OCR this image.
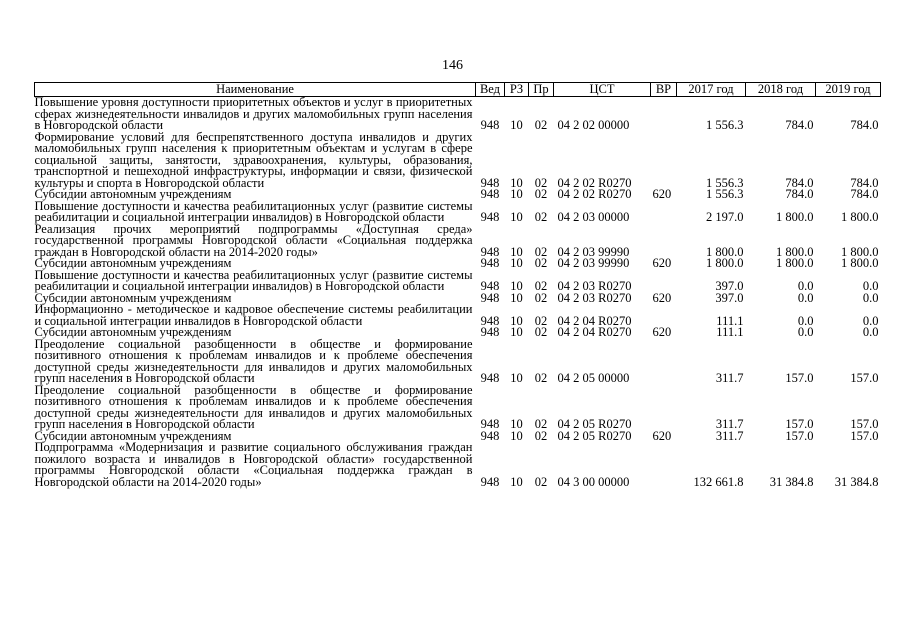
146
Наименование	Вед	РЗ	Пр	ЦСТ	ВР	2017 год	2018 год	2019 год
Повышение уровня доступности приоритетных объектов и услуг в приоритетных сферах жизнедеятельности инвалидов и других маломобильных групп населения в Новгородской области	948	10	02	04 2 02 00000		1 556.3	784.0	784.0
Формирование условий для беспрепятственного доступа инвалидов и других маломобильных групп населения к приоритетным объектам и услугам в сфере социальной защиты, занятости, здравоохранения, культуры, образования, транспортной и пешеходной инфраструктуры, информации и связи, физической культуры и спорта в Новгородской области	948	10	02	04 2 02 R0270		1 556.3	784.0	784.0
Субсидии автономным учреждениям	948	10	02	04 2 02 R0270	620	1 556.3	784.0	784.0
Повышение доступности и качества реабилитационных услуг (развитие системы реабилитации и социальной интеграции инвалидов) в Новгородской области	948	10	02	04 2 03 00000		2 197.0	1 800.0	1 800.0
Реализация прочих мероприятий подпрограммы «Доступная среда» государственной программы Новгородской области «Социальная поддержка граждан в Новгородской области на 2014-2020 годы»	948	10	02	04 2 03 99990		1 800.0	1 800.0	1 800.0
Субсидии автономным учреждениям	948	10	02	04 2 03 99990	620	1 800.0	1 800.0	1 800.0
Повышение доступности и качества реабилитационных услуг (развитие системы реабилитации и социальной интеграции инвалидов) в Новгородской области	948	10	02	04 2 03 R0270		397.0	0.0	0.0
Субсидии автономным учреждениям	948	10	02	04 2 03 R0270	620	397.0	0.0	0.0
Информационно - методическое и кадровое обеспечение системы реабилитации и социальной интеграции инвалидов в Новгородской области	948	10	02	04 2 04 R0270		111.1	0.0	0.0
Субсидии автономным учреждениям	948	10	02	04 2 04 R0270	620	111.1	0.0	0.0
Преодоление социальной разобщенности в обществе и формирование позитивного отношения к проблемам инвалидов и к проблеме обеспечения доступной среды жизнедеятельности для инвалидов и других маломобильных групп населения в Новгородской области	948	10	02	04 2 05 00000		311.7	157.0	157.0
Преодоление социальной разобщенности в обществе и формирование позитивного отношения к проблемам инвалидов и к проблеме обеспечения доступной среды жизнедеятельности для инвалидов и других маломобильных групп населения в Новгородской области	948	10	02	04 2 05 R0270		311.7	157.0	157.0
Субсидии автономным учреждениям	948	10	02	04 2 05 R0270	620	311.7	157.0	157.0
Подпрограмма «Модернизация и развитие социального обслуживания граждан пожилого возраста и инвалидов в Новгородской области» государственной программы Новгородской области «Социальная поддержка граждан в Новгородской области на 2014-2020 годы»	948	10	02	04 3 00 00000		132 661.8	31 384.8	31 384.8
